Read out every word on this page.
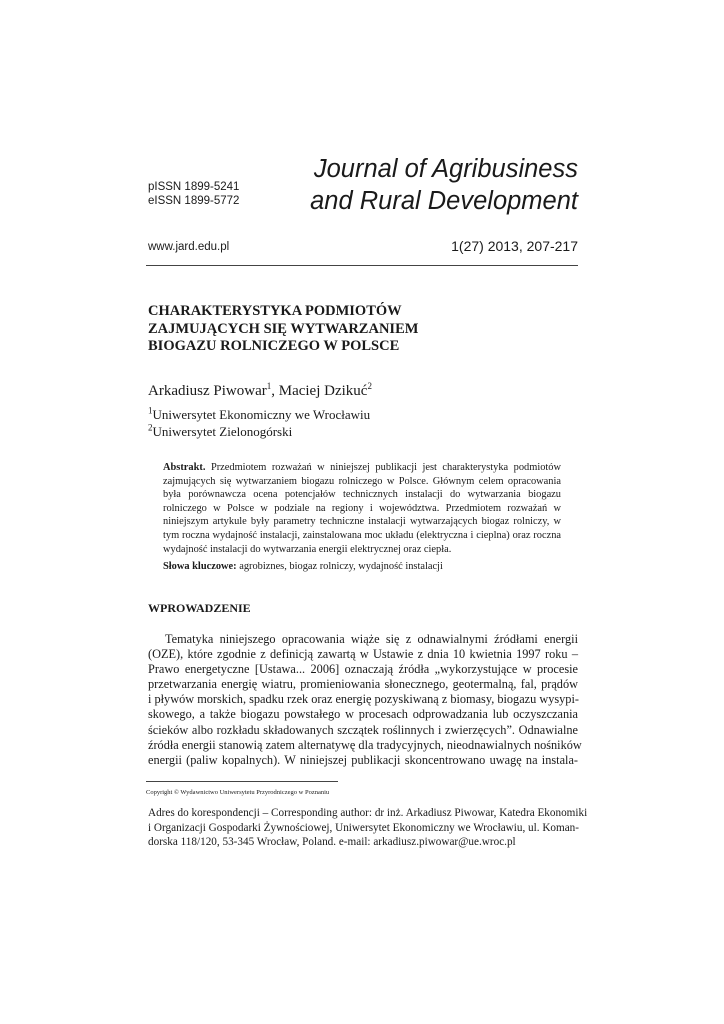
pISSN 1899-5241
eISSN 1899-5772
Journal of Agribusiness
and Rural Development
www.jard.edu.pl	1(27) 2013, 207-217
CHARAKTERYSTYKA PODMIOTÓW
ZAJMUJĄCYCH SIĘ WYTWARZANIEM
BIOGAZU ROLNICZEGO W POLSCE
Arkadiusz Piwowar$^1$, Maciej Dzikuć$^2$
$^1$Uniwersytet Ekonomiczny we Wrocławiu
$^2$Uniwersytet Zielonogórski
Abstrakt. Przedmiotem rozważań w niniejszej publikacji jest charakterystyka podmiotów zajmujących się wytwarzaniem biogazu rolniczego w Polsce. Głównym celem opracowania była porównawcza ocena potencjałów technicznych instalacji do wytwarzania biogazu rolniczego w Polsce w podziale na regiony i województwa. Przedmiotem rozważań w niniejszym artykule były parametry techniczne instalacji wytwarzających biogaz rolniczy, w tym roczna wydajność instalacji, zainstalowana moc układu (elektryczna i cieplna) oraz roczna wydajność instalacji do wytwarzania energii elektrycznej oraz ciepła.
Słowa kluczowe: agrobiznes, biogaz rolniczy, wydajność instalacji
WPROWADZENIE
Tematyka niniejszego opracowania wiąże się z odnawialnymi źródłami energii
(OZE), które zgodnie z definicją zawartą w Ustawie z dnia 10 kwietnia 1997 roku –
Prawo energetyczne [Ustawa... 2006] oznaczają źródła „wykorzystujące w procesie
przetwarzania energię wiatru, promieniowania słonecznego, geotermalną, fal, prądów
i pływów morskich, spadku rzek oraz energię pozyskiwaną z biomasy, biogazu wysypi-
skowego, a także biogazu powstałego w procesach odprowadzania lub oczyszczania
ścieków albo rozkładu składowanych szczątek roślinnych i zwierzęcych”. Odnawialne
źródła energii stanowią zatem alternatywę dla tradycyjnych, nieodnawialnych nośników
energii (paliw kopalnych). W niniejszej publikacji skoncentrowano uwagę na instala-
Copyright © Wydawnictwo Uniwersytetu Przyrodniczego w Poznaniu
Adres do korespondencji – Corresponding author: dr inż. Arkadiusz Piwowar, Katedra Ekonomiki
i Organizacji Gospodarki Żywnościowej, Uniwersytet Ekonomiczny we Wrocławiu, ul. Koman-
dorska 118/120, 53-345 Wrocław, Poland. e-mail: arkadiusz.piwowar@ue.wroc.pl
